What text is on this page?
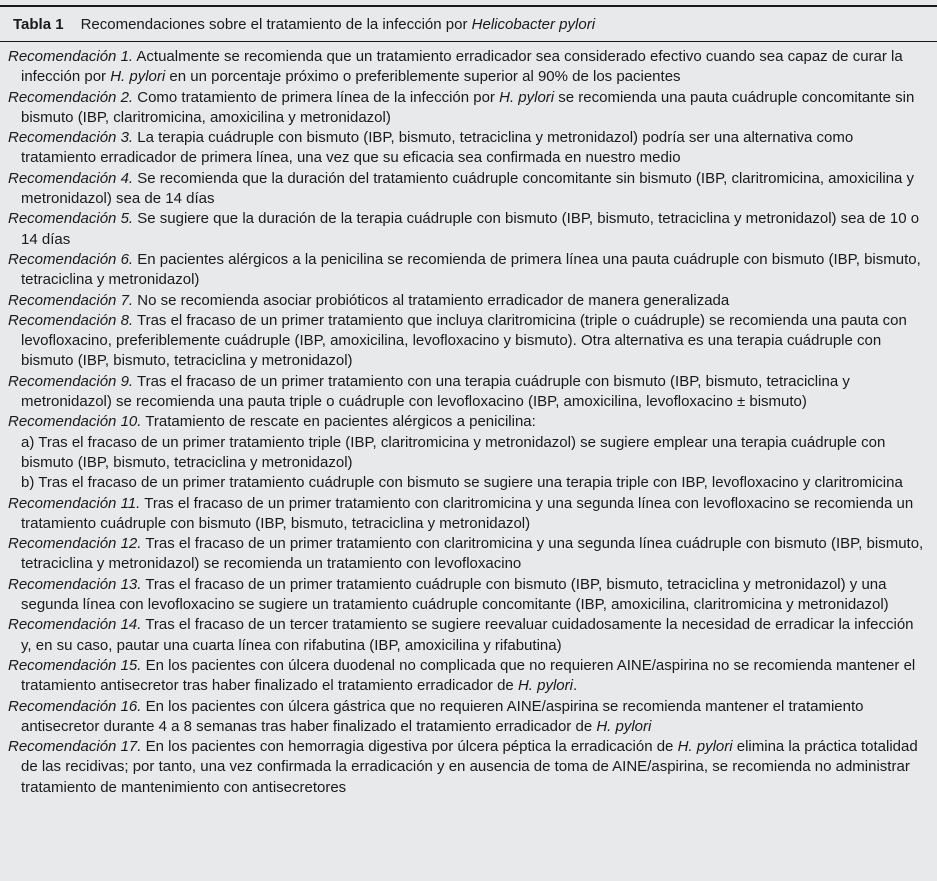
Tabla 1 Recomendaciones sobre el tratamiento de la infección por Helicobacter pylori
Recomendación 1. Actualmente se recomienda que un tratamiento erradicador sea considerado efectivo cuando sea capaz de curar la infección por H. pylori en un porcentaje próximo o preferiblemente superior al 90% de los pacientes
Recomendación 2. Como tratamiento de primera línea de la infección por H. pylori se recomienda una pauta cuádruple concomitante sin bismuto (IBP, claritromicina, amoxicilina y metronidazol)
Recomendación 3. La terapia cuádruple con bismuto (IBP, bismuto, tetraciclina y metronidazol) podría ser una alternativa como tratamiento erradicador de primera línea, una vez que su eficacia sea confirmada en nuestro medio
Recomendación 4. Se recomienda que la duración del tratamiento cuádruple concomitante sin bismuto (IBP, claritromicina, amoxicilina y metronidazol) sea de 14 días
Recomendación 5. Se sugiere que la duración de la terapia cuádruple con bismuto (IBP, bismuto, tetraciclina y metronidazol) sea de 10 o 14 días
Recomendación 6. En pacientes alérgicos a la penicilina se recomienda de primera línea una pauta cuádruple con bismuto (IBP, bismuto, tetraciclina y metronidazol)
Recomendación 7. No se recomienda asociar probióticos al tratamiento erradicador de manera generalizada
Recomendación 8. Tras el fracaso de un primer tratamiento que incluya claritromicina (triple o cuádruple) se recomienda una pauta con levofloxacino, preferiblemente cuádruple (IBP, amoxicilina, levofloxacino y bismuto). Otra alternativa es una terapia cuádruple con bismuto (IBP, bismuto, tetraciclina y metronidazol)
Recomendación 9. Tras el fracaso de un primer tratamiento con una terapia cuádruple con bismuto (IBP, bismuto, tetraciclina y metronidazol) se recomienda una pauta triple o cuádruple con levofloxacino (IBP, amoxicilina, levofloxacino ± bismuto)
Recomendación 10. Tratamiento de rescate en pacientes alérgicos a penicilina:
a) Tras el fracaso de un primer tratamiento triple (IBP, claritromicina y metronidazol) se sugiere emplear una terapia cuádruple con bismuto (IBP, bismuto, tetraciclina y metronidazol)
b) Tras el fracaso de un primer tratamiento cuádruple con bismuto se sugiere una terapia triple con IBP, levofloxacino y claritromicina
Recomendación 11. Tras el fracaso de un primer tratamiento con claritromicina y una segunda línea con levofloxacino se recomienda un tratamiento cuádruple con bismuto (IBP, bismuto, tetraciclina y metronidazol)
Recomendación 12. Tras el fracaso de un primer tratamiento con claritromicina y una segunda línea cuádruple con bismuto (IBP, bismuto, tetraciclina y metronidazol) se recomienda un tratamiento con levofloxacino
Recomendación 13. Tras el fracaso de un primer tratamiento cuádruple con bismuto (IBP, bismuto, tetraciclina y metronidazol) y una segunda línea con levofloxacino se sugiere un tratamiento cuádruple concomitante (IBP, amoxicilina, claritromicina y metronidazol)
Recomendación 14. Tras el fracaso de un tercer tratamiento se sugiere reevaluar cuidadosamente la necesidad de erradicar la infección y, en su caso, pautar una cuarta línea con rifabutina (IBP, amoxicilina y rifabutina)
Recomendación 15. En los pacientes con úlcera duodenal no complicada que no requieren AINE/aspirina no se recomienda mantener el tratamiento antisecretor tras haber finalizado el tratamiento erradicador de H. pylori.
Recomendación 16. En los pacientes con úlcera gástrica que no requieren AINE/aspirina se recomienda mantener el tratamiento antisecretor durante 4 a 8 semanas tras haber finalizado el tratamiento erradicador de H. pylori
Recomendación 17. En los pacientes con hemorragia digestiva por úlcera péptica la erradicación de H. pylori elimina la práctica totalidad de las recidivas; por tanto, una vez confirmada la erradicación y en ausencia de toma de AINE/aspirina, se recomienda no administrar tratamiento de mantenimiento con antisecretores
